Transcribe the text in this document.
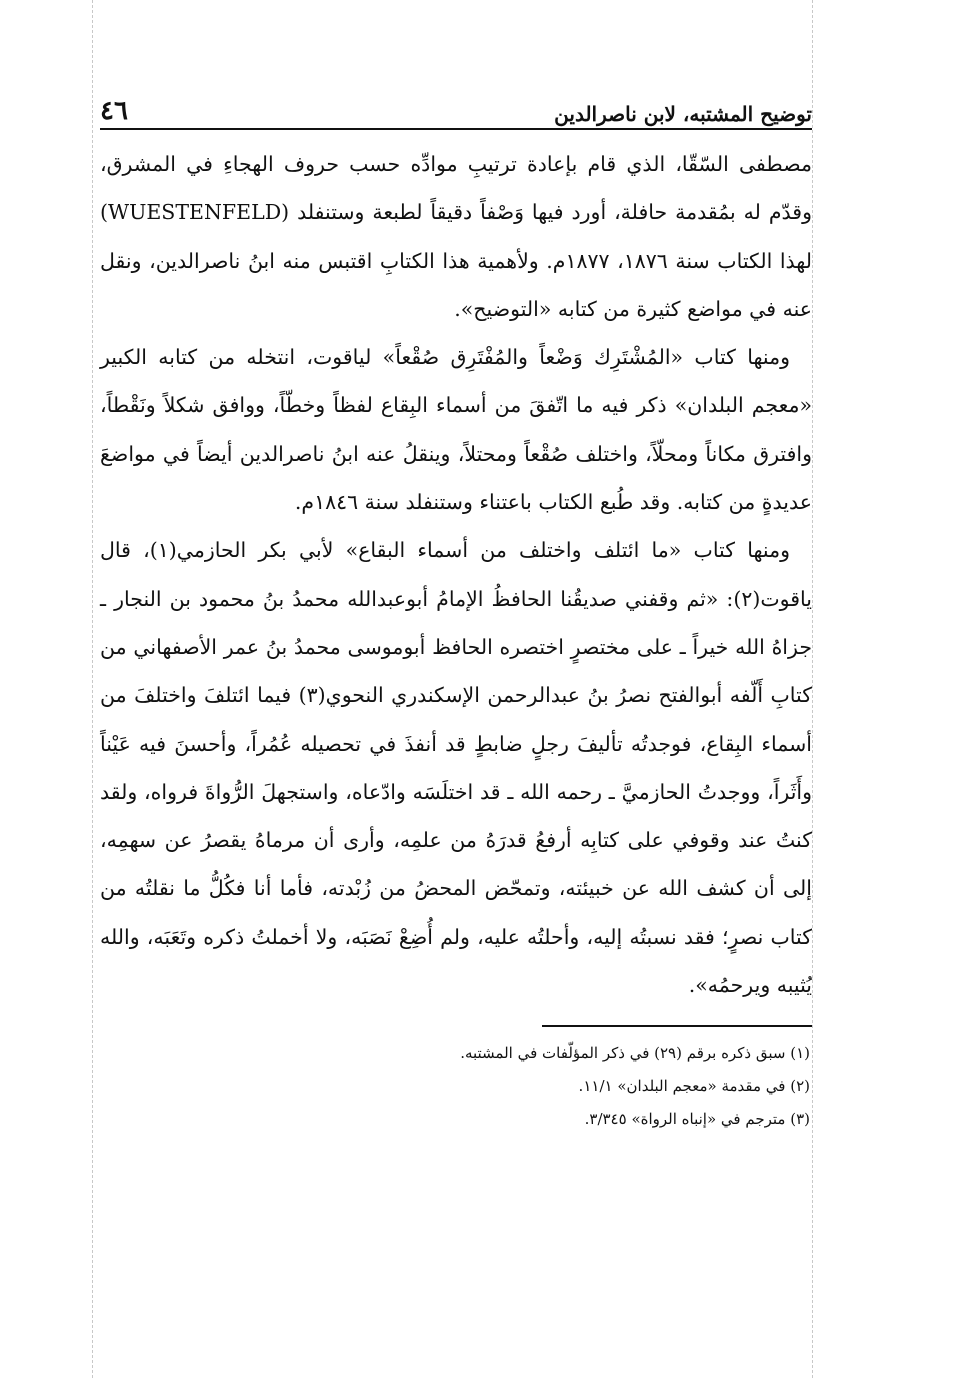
توضيح المشتبه، لابن ناصرالدين
٤٦

مصطفى السّقّا، الذي قام بإعادة ترتيبِ موادِّه حسب حروف الهجاءِ في المشرق، وقدّم له بمُقدمة حافلة، أورد فيها وَصْفاً دقيقاً لطبعة وستنفلد (WUESTENFELD) لهذا الكتاب سنة ١٨٧٦، ١٨٧٧م. ولأهمية هذا الكتابِ اقتبس منه ابنُ ناصرالدين، ونقل عنه في مواضع كثيرة من كتابه «التوضيح».

ومنها كتاب «المُشْتَرِك وَضْعاً والمُفْتَرِق صُقْعاً» لياقوت، انتخله من كتابه الكبير «معجم البلدان» ذكر فيه ما اتّفقَ من أسماء البِقاع لفظاً وخطّاً، ووافق شكلاً ونَقْطاً، وافترق مكاناً ومحلّاً، واختلف صُقْعاً ومحتلاً، وينقلُ عنه ابنُ ناصرالدين أيضاً في مواضعَ عديدةٍ من كتابه. وقد طُبع الكتاب باعتناء وستنفلد سنة ١٨٤٦م.

ومنها كتاب «ما ائتلف واختلف من أسماء البقاع» لأبي بكر الحازمي(١)، قال ياقوت(٢): «ثم وقفني صديقُنا الحافظُ الإمامُ أبوعبدالله محمدُ بنُ محمود بن النجار ـ جزاهُ الله خيراً ـ على مختصرٍ اختصره الحافظ أبوموسى محمدُ بنُ عمر الأصفهاني من كتابِ أَلّفه أبوالفتح نصرُ بنُ عبدالرحمن الإسكندري النحوي(٣) فيما ائتلفَ واختلفَ من أسماء البِقاع، فوجدتُه تأليفَ رجلٍ ضابطٍ قد أنفذَ في تحصيله عُمُراً، وأحسنَ فيه عَيْناً وأَثَراً، ووجدتُ الحازميَّ ـ رحمه الله ـ قد اختلَسَه وادّعاه، واستجهلَ الرُّواةَ فرواه، ولقد كنتُ عند وقوفي على كتابِه أرفعُ قدرَهُ من علمِه، وأرى أن مرماهُ يقصرُ عن سهمِه، إلى أن كشف الله عن خبيئته، وتمحّض المحضُ من زُبْدته، فأما أنا فكُلُّ ما نقلتُه من كتاب نصرٍ؛ فقد نسبتُه إليه، وأحلتُه عليه، ولم أُضِعْ نَصَبَه، ولا أخملتُ ذكره وتَعَبَه، والله يُثيبه ويرحمُه».

(١) سبق ذكره برقم (٢٩) في ذكر المؤلّفات في المشتبه.

(٢) في مقدمة «معجم البلدان» ١١/١.

(٣) مترجم في «إنباه الرواة» ٣/٣٤٥.
